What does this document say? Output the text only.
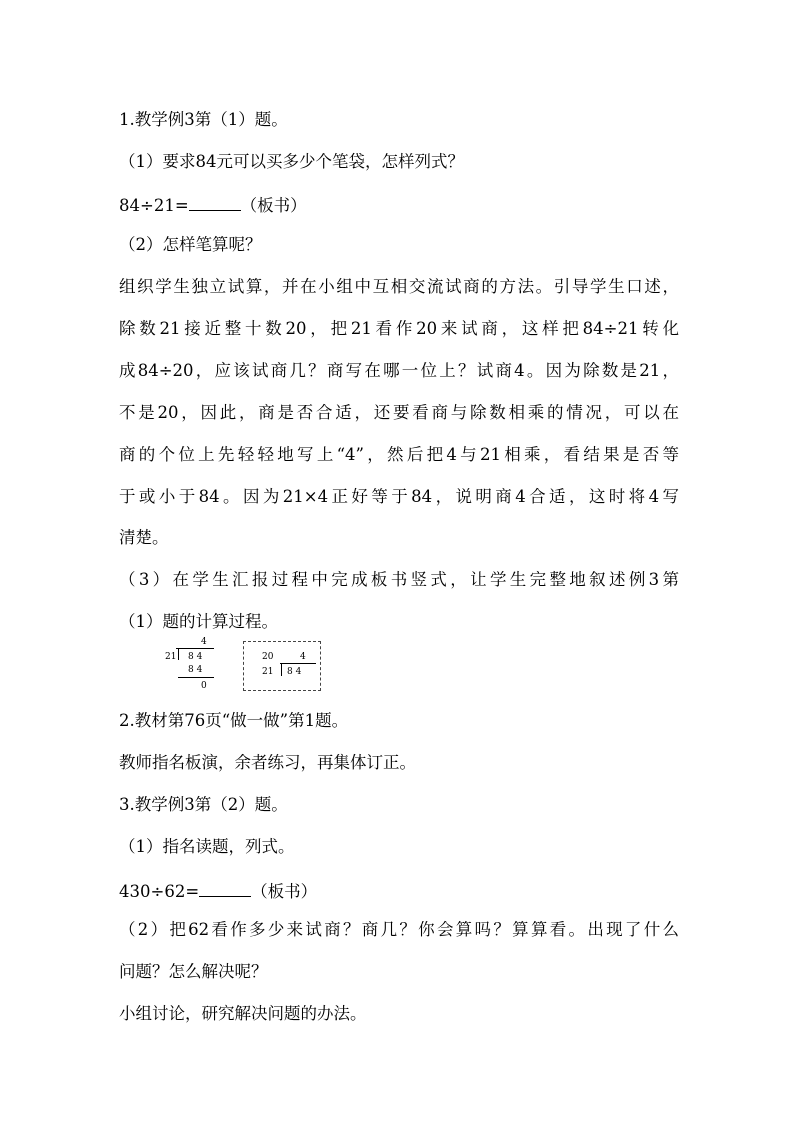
1.教学例3第（1）题。
（1）要求84元可以买多少个笔袋，怎样列式？
84÷21=	（板书）
（2）怎样笔算呢？
组织学生独立试算，并在小组中互相交流试商的方法。引导学生口述，
除数21接近整十数20，把21看作20来试商，这样把84÷21转化
成84÷20，应该试商几？商写在哪一位上？试商4。因为除数是21，
不是20，因此，商是否合适，还要看商与除数相乘的情况，可以在
商的个位上先轻轻地写上“4”，然后把4与21相乘，看结果是否等
于或小于84。因为21×4正好等于84，说明商4合适，这时将4写
清楚。
（3）在学生汇报过程中完成板书竖式，让学生完整地叙述例3第
（1）题的计算过程。
4
21 8 4
8 4
0
20	4
21 8 4
2.教材第76页“做一做”第1题。
教师指名板演，余者练习，再集体订正。
3.教学例3第（2）题。
（1）指名读题，列式。
430÷62=	（板书）
（2）把62看作多少来试商？商几？你会算吗？算算看。出现了什么
问题？怎么解决呢？
小组讨论，研究解决问题的办法。
